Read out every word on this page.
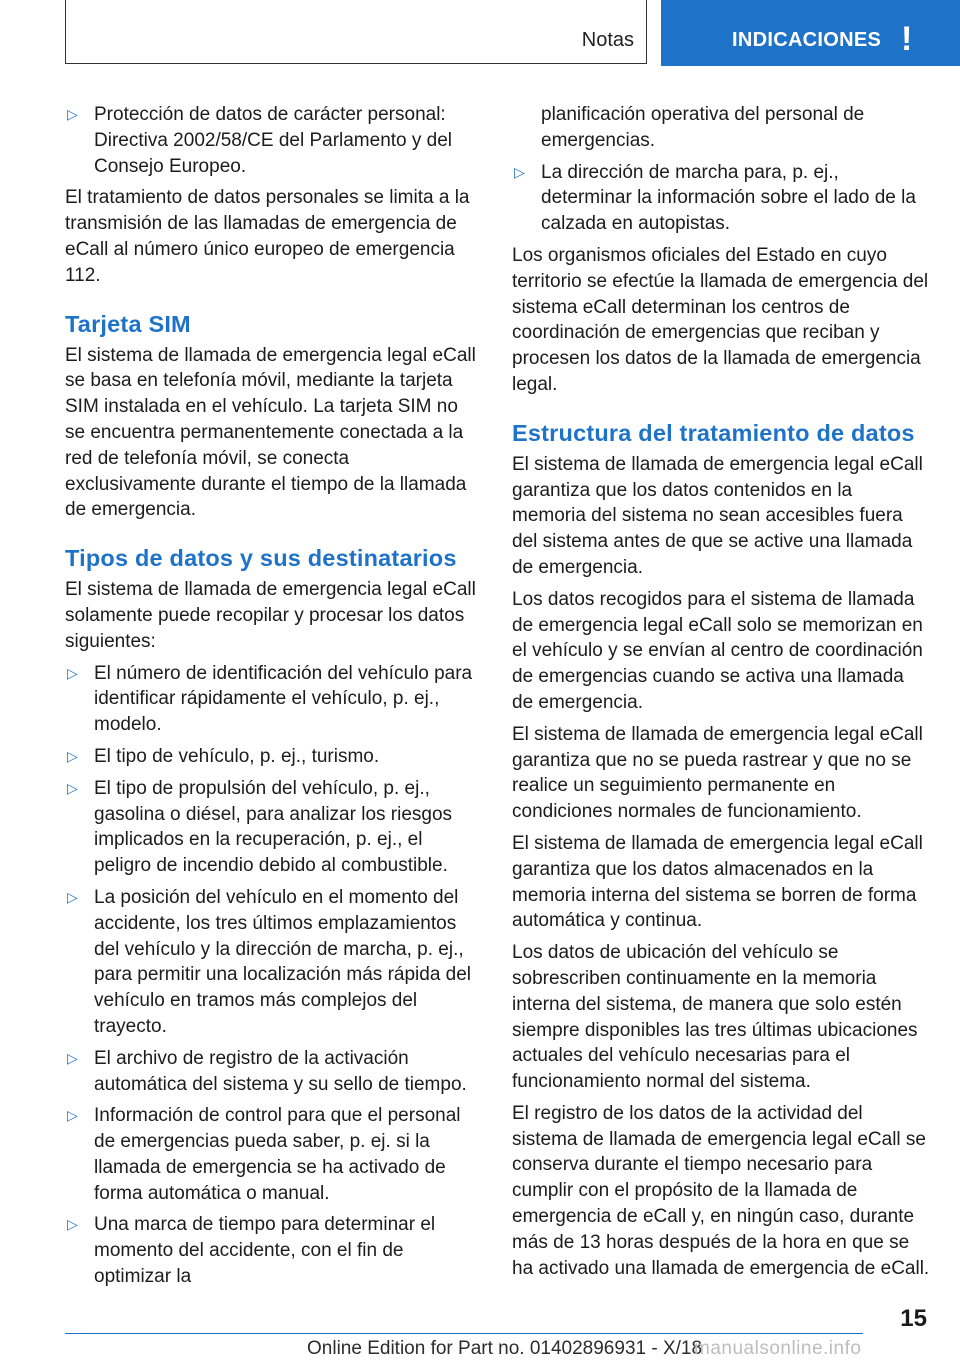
Notas	INDICACIONES !
▷ Protección de datos de carácter personal: Directiva 2002/58/CE del Parlamento y del Consejo Europeo.

El tratamiento de datos personales se limita a la transmisión de las llamadas de emergencia de eCall al número único europeo de emergencia 112.

Tarjeta SIM

El sistema de llamada de emergencia legal eCall se basa en telefonía móvil, mediante la tarjeta SIM instalada en el vehículo. La tarjeta SIM no se encuentra permanentemente conectada a la red de telefonía móvil, se conecta exclusivamente durante el tiempo de la llamada de emergencia.

Tipos de datos y sus destinatarios

El sistema de llamada de emergencia legal eCall solamente puede recopilar y procesar los datos siguientes:

▷ El número de identificación del vehículo para identificar rápidamente el vehículo, p. ej., modelo.
▷ El tipo de vehículo, p. ej., turismo.
▷ El tipo de propulsión del vehículo, p. ej., gasolina o diésel, para analizar los riesgos implicados en la recuperación, p. ej., el peligro de incendio debido al combustible.
▷ La posición del vehículo en el momento del accidente, los tres últimos emplazamientos del vehículo y la dirección de marcha, p. ej., para permitir una localización más rápida del vehículo en tramos más complejos del trayecto.
▷ El archivo de registro de la activación automática del sistema y su sello de tiempo.
▷ Información de control para que el personal de emergencias pueda saber, p. ej. si la llamada de emergencia se ha activado de forma automática o manual.
▷ Una marca de tiempo para determinar el momento del accidente, con el fin de optimizar la
planificación operativa del personal de emergencias.
▷ La dirección de marcha para, p. ej., determinar la información sobre el lado de la calzada en autopistas.

Los organismos oficiales del Estado en cuyo territorio se efectúe la llamada de emergencia del sistema eCall determinan los centros de coordinación de emergencias que reciban y procesen los datos de la llamada de emergencia legal.

Estructura del tratamiento de datos

El sistema de llamada de emergencia legal eCall garantiza que los datos contenidos en la memoria del sistema no sean accesibles fuera del sistema antes de que se active una llamada de emergencia.

Los datos recogidos para el sistema de llamada de emergencia legal eCall solo se memorizan en el vehículo y se envían al centro de coordinación de emergencias cuando se activa una llamada de emergencia.

El sistema de llamada de emergencia legal eCall garantiza que no se pueda rastrear y que no se realice un seguimiento permanente en condiciones normales de funcionamiento.

El sistema de llamada de emergencia legal eCall garantiza que los datos almacenados en la memoria interna del sistema se borren de forma automática y continua.

Los datos de ubicación del vehículo se sobrescriben continuamente en la memoria interna del sistema, de manera que solo estén siempre disponibles las tres últimas ubicaciones actuales del vehículo necesarias para el funcionamiento normal del sistema.

El registro de los datos de la actividad del sistema de llamada de emergencia legal eCall se conserva durante el tiempo necesario para cumplir con el propósito de la llamada de emergencia de eCall y, en ningún caso, durante más de 13 horas después de la hora en que se ha activado una llamada de emergencia de eCall.

15
Online Edition for Part no. 01402896931 - X/18
manualsonline.info
